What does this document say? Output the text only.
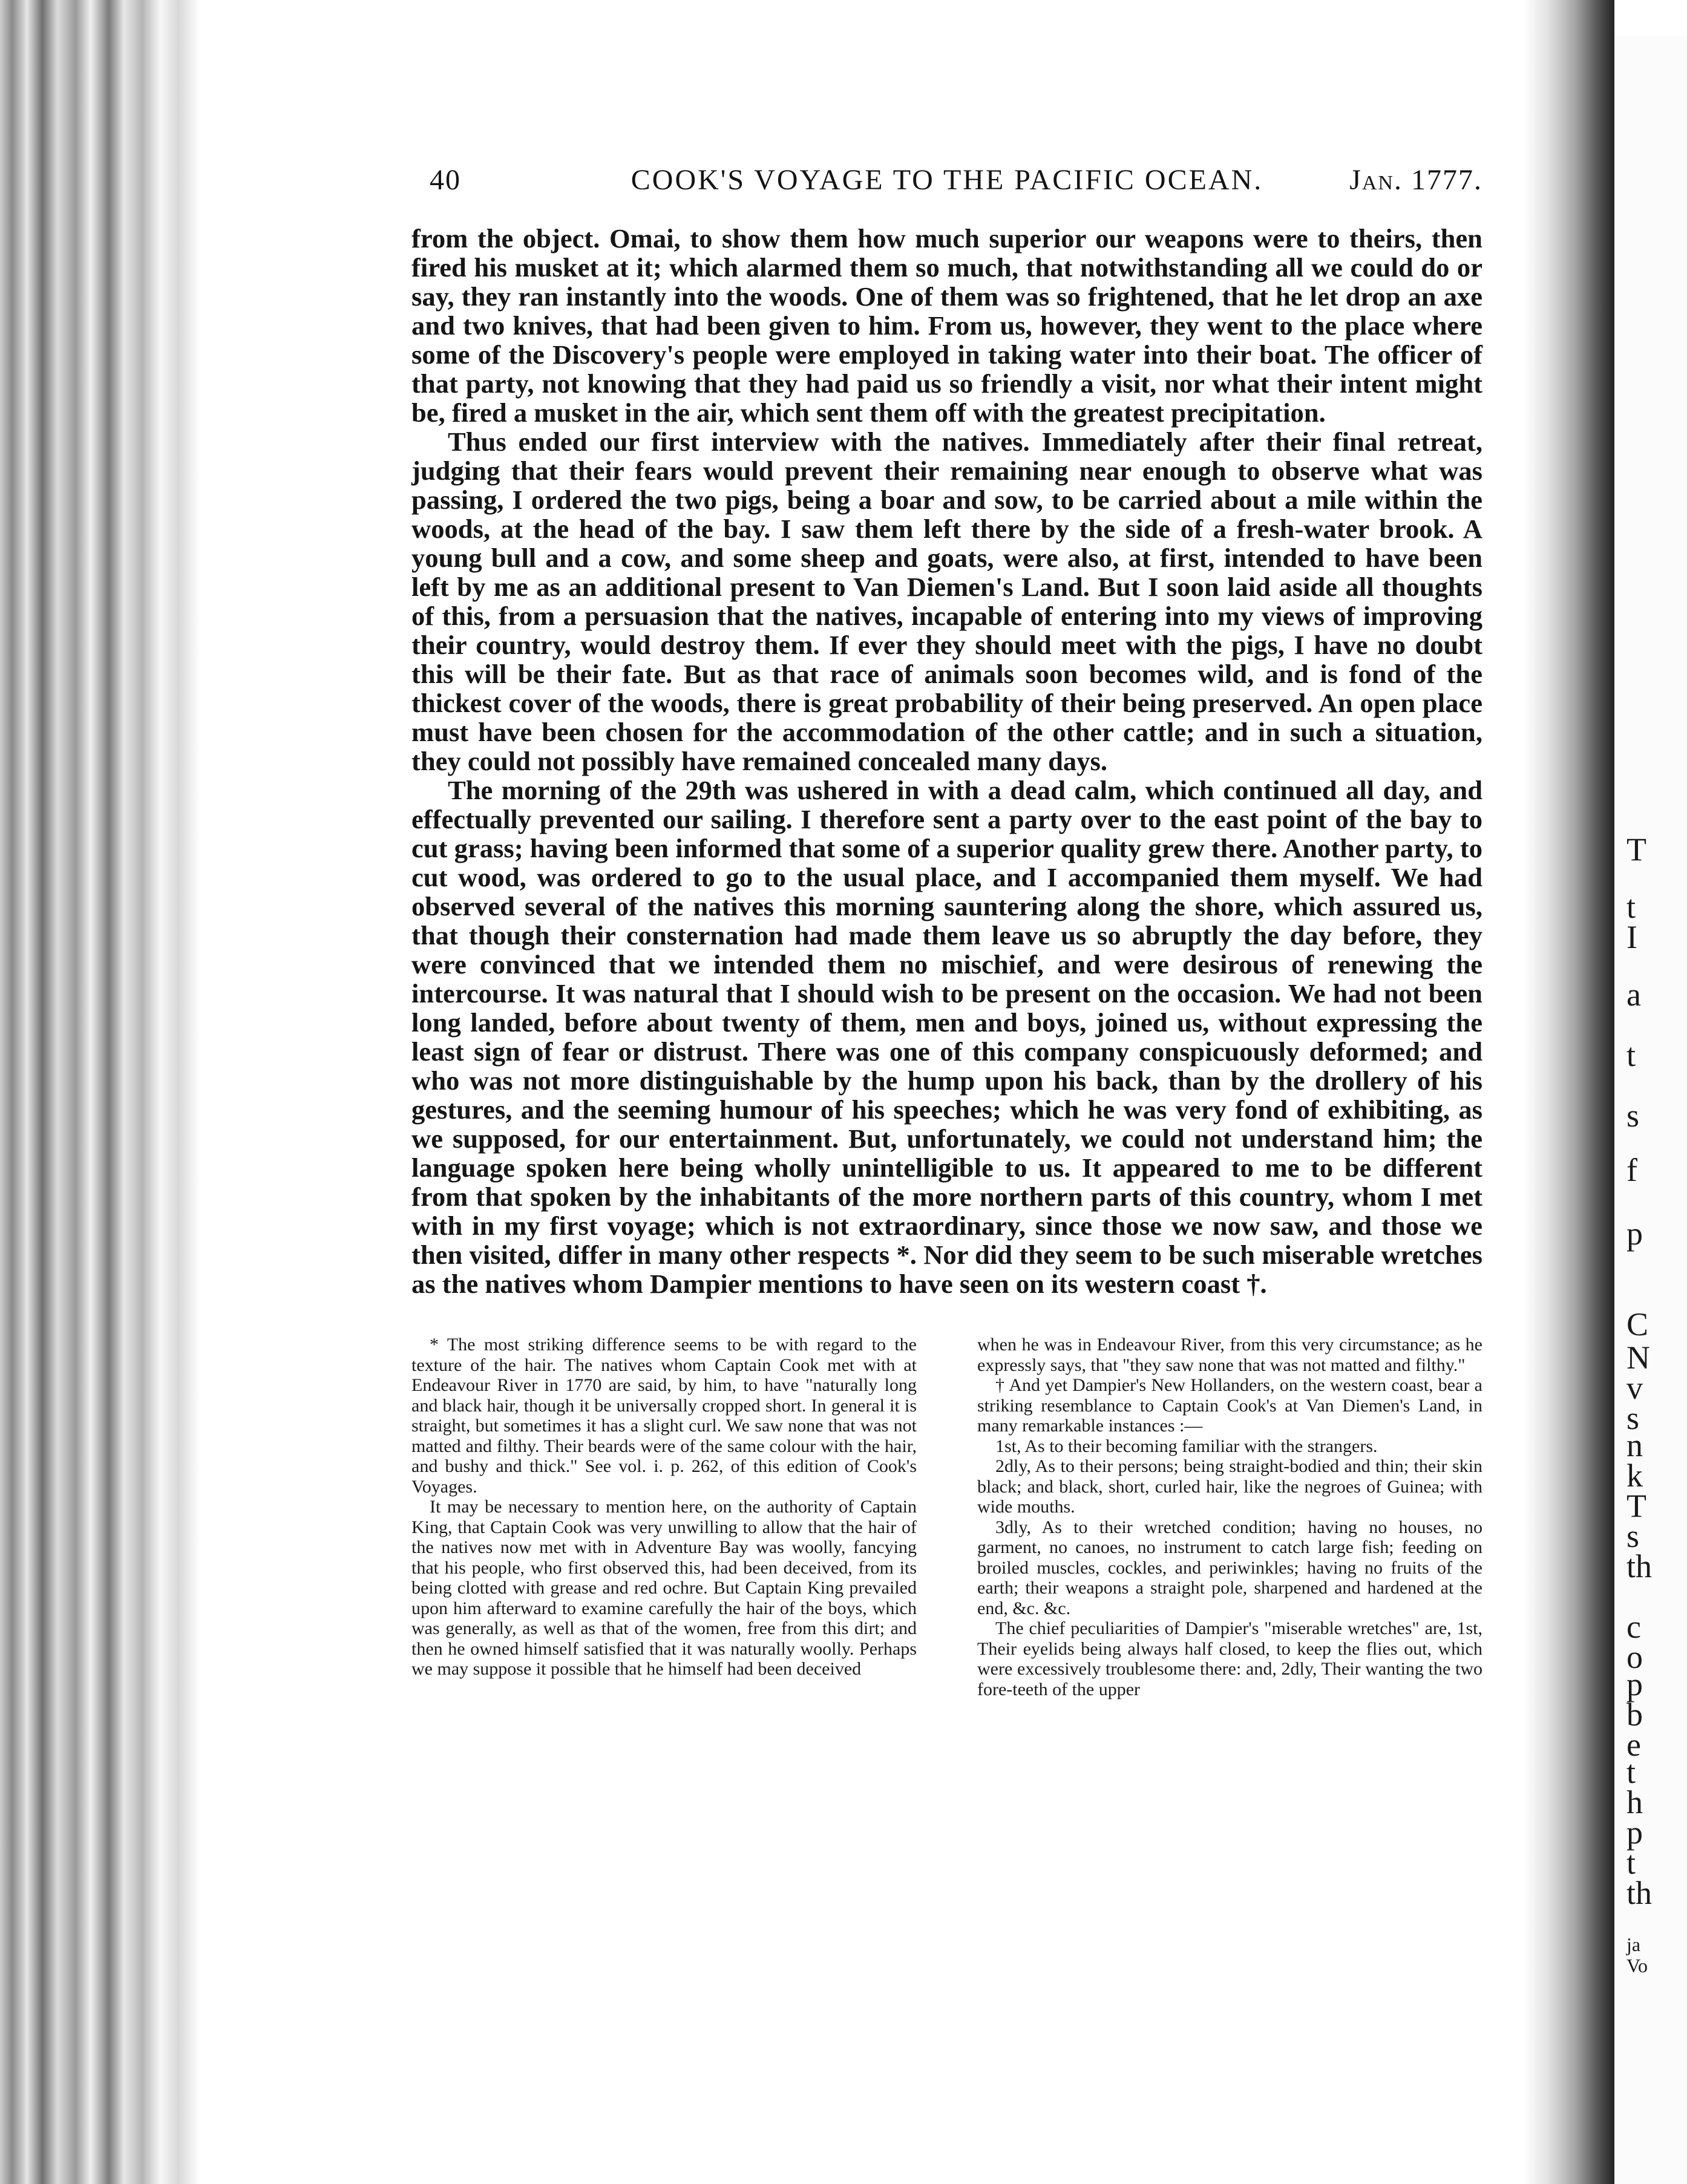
T
t
I
a
t
s
f
p
C
N
v
s
n
k
T
s
th
c
o
p
b
e
t
h
p
t
th
ja
Vo
40	COOK'S VOYAGE TO THE PACIFIC OCEAN.	Jan. 1777.

from the object. Omai, to show them how much superior our weapons were to theirs, then fired his musket at it; which alarmed them so much, that notwithstanding all we could do or say, they ran instantly into the woods. One of them was so frightened, that he let drop an axe and two knives, that had been given to him. From us, however, they went to the place where some of the Discovery's people were employed in taking water into their boat. The officer of that party, not knowing that they had paid us so friendly a visit, nor what their intent might be, fired a musket in the air, which sent them off with the greatest precipitation.

Thus ended our first interview with the natives. Immediately after their final retreat, judging that their fears would prevent their remaining near enough to observe what was passing, I ordered the two pigs, being a boar and sow, to be carried about a mile within the woods, at the head of the bay. I saw them left there by the side of a fresh-water brook. A young bull and a cow, and some sheep and goats, were also, at first, intended to have been left by me as an additional present to Van Diemen's Land. But I soon laid aside all thoughts of this, from a persuasion that the natives, incapable of entering into my views of improving their country, would destroy them. If ever they should meet with the pigs, I have no doubt this will be their fate. But as that race of animals soon becomes wild, and is fond of the thickest cover of the woods, there is great probability of their being preserved. An open place must have been chosen for the accommodation of the other cattle; and in such a situation, they could not possibly have remained concealed many days.

The morning of the 29th was ushered in with a dead calm, which continued all day, and effectually prevented our sailing. I therefore sent a party over to the east point of the bay to cut grass; having been informed that some of a superior quality grew there. Another party, to cut wood, was ordered to go to the usual place, and I accompanied them myself. We had observed several of the natives this morning sauntering along the shore, which assured us, that though their consternation had made them leave us so abruptly the day before, they were convinced that we intended them no mischief, and were desirous of renewing the intercourse. It was natural that I should wish to be present on the occasion. We had not been long landed, before about twenty of them, men and boys, joined us, without expressing the least sign of fear or distrust. There was one of this company conspicuously deformed; and who was not more distinguishable by the hump upon his back, than by the drollery of his gestures, and the seeming humour of his speeches; which he was very fond of exhibiting, as we supposed, for our entertainment. But, unfortunately, we could not understand him; the language spoken here being wholly unintelligible to us. It appeared to me to be different from that spoken by the inhabitants of the more northern parts of this country, whom I met with in my first voyage; which is not extraordinary, since those we now saw, and those we then visited, differ in many other respects *. Nor did they seem to be such miserable wretches as the natives whom Dampier mentions to have seen on its western coast †.

* The most striking difference seems to be with regard to the texture of the hair. The natives whom Captain Cook met with at Endeavour River in 1770 are said, by him, to have "naturally long and black hair, though it be universally cropped short. In general it is straight, but sometimes it has a slight curl. We saw none that was not matted and filthy. Their beards were of the same colour with the hair, and bushy and thick." See vol. i. p. 262, of this edition of Cook's Voyages.

It may be necessary to mention here, on the authority of Captain King, that Captain Cook was very unwilling to allow that the hair of the natives now met with in Adventure Bay was woolly, fancying that his people, who first observed this, had been deceived, from its being clotted with grease and red ochre. But Captain King prevailed upon him afterward to examine carefully the hair of the boys, which was generally, as well as that of the women, free from this dirt; and then he owned himself satisfied that it was naturally woolly. Perhaps we may suppose it possible that he himself had been deceived

when he was in Endeavour River, from this very circumstance; as he expressly says, that "they saw none that was not matted and filthy."

† And yet Dampier's New Hollanders, on the western coast, bear a striking resemblance to Captain Cook's at Van Diemen's Land, in many remarkable instances :—

1st, As to their becoming familiar with the strangers.

2dly, As to their persons; being straight-bodied and thin; their skin black; and black, short, curled hair, like the negroes of Guinea; with wide mouths.

3dly, As to their wretched condition; having no houses, no garment, no canoes, no instrument to catch large fish; feeding on broiled muscles, cockles, and periwinkles; having no fruits of the earth; their weapons a straight pole, sharpened and hardened at the end, &c. &c.

The chief peculiarities of Dampier's "miserable wretches" are, 1st, Their eyelids being always half closed, to keep the flies out, which were excessively troublesome there: and, 2dly, Their wanting the two fore-teeth of the upper
